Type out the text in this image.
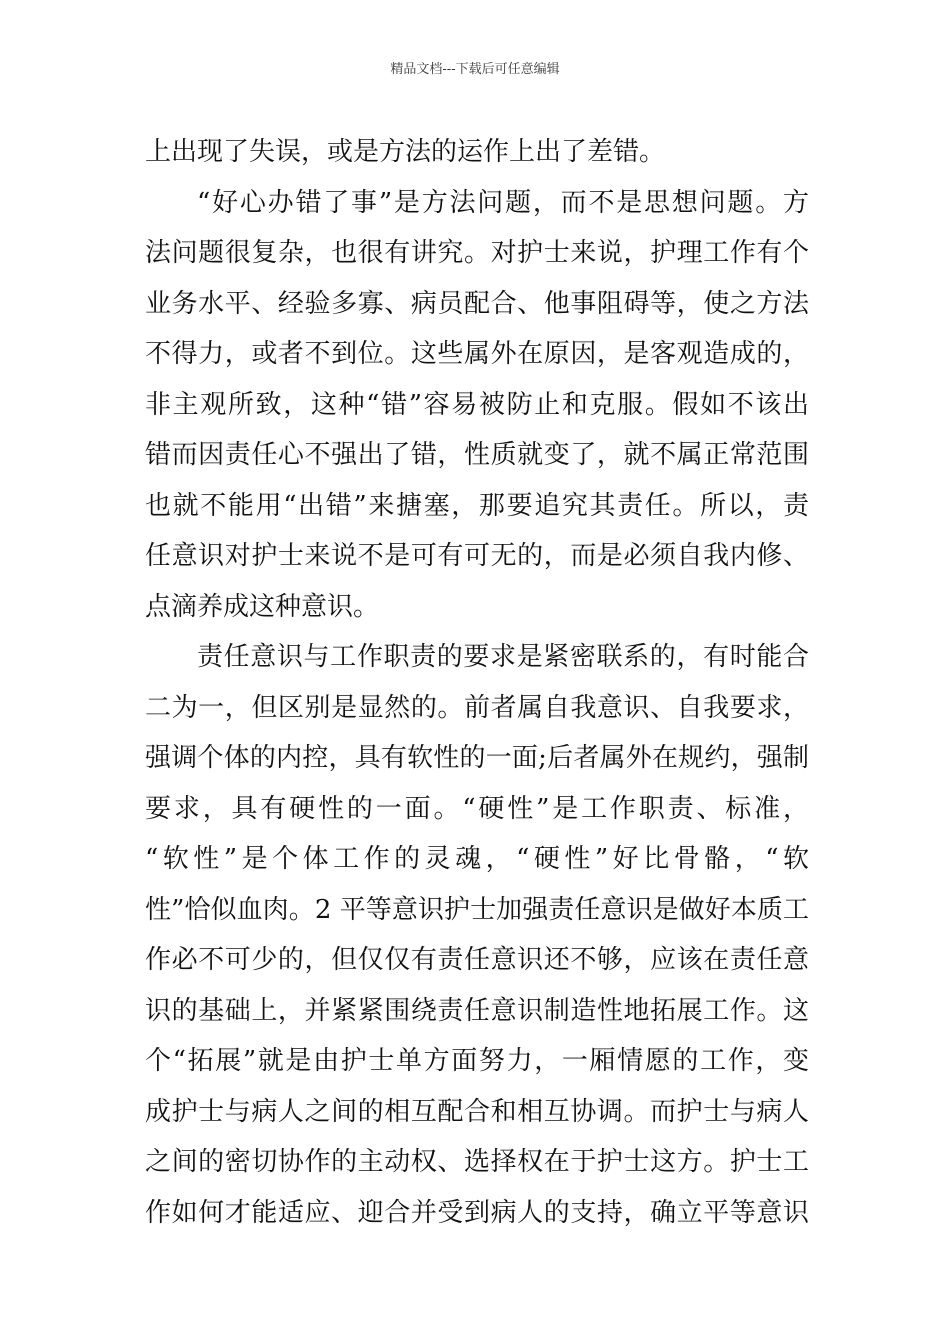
精品文档---下载后可任意编辑
上出现了失误，或是方法的运作上出了差错。
“好心办错了事”是方法问题，而不是思想问题。方
法问题很复杂，也很有讲究。对护士来说，护理工作有个
业务水平、经验多寡、病员配合、他事阻碍等，使之方法
不得力，或者不到位。这些属外在原因，是客观造成的，
非主观所致，这种“错”容易被防止和克服。假如不该出
错而因责任心不强出了错，性质就变了，就不属正常范围
也就不能用“出错”来搪塞，那要追究其责任。所以，责
任意识对护士来说不是可有可无的，而是必须自我内修、
点滴养成这种意识。
责任意识与工作职责的要求是紧密联系的，有时能合
二为一，但区别是显然的。前者属自我意识、自我要求，
强调个体的内控，具有软性的一面;后者属外在规约，强制
要求，具有硬性的一面。“硬性”是工作职责、标准，
“软性”是个体工作的灵魂，“硬性”好比骨骼，“软
性”恰似血肉。2 平等意识护士加强责任意识是做好本质工
作必不可少的，但仅仅有责任意识还不够，应该在责任意
识的基础上，并紧紧围绕责任意识制造性地拓展工作。这
个“拓展”就是由护士单方面努力，一厢情愿的工作，变
成护士与病人之间的相互配合和相互协调。而护士与病人
之间的密切协作的主动权、选择权在于护士这方。护士工
作如何才能适应、迎合并受到病人的支持，确立平等意识
